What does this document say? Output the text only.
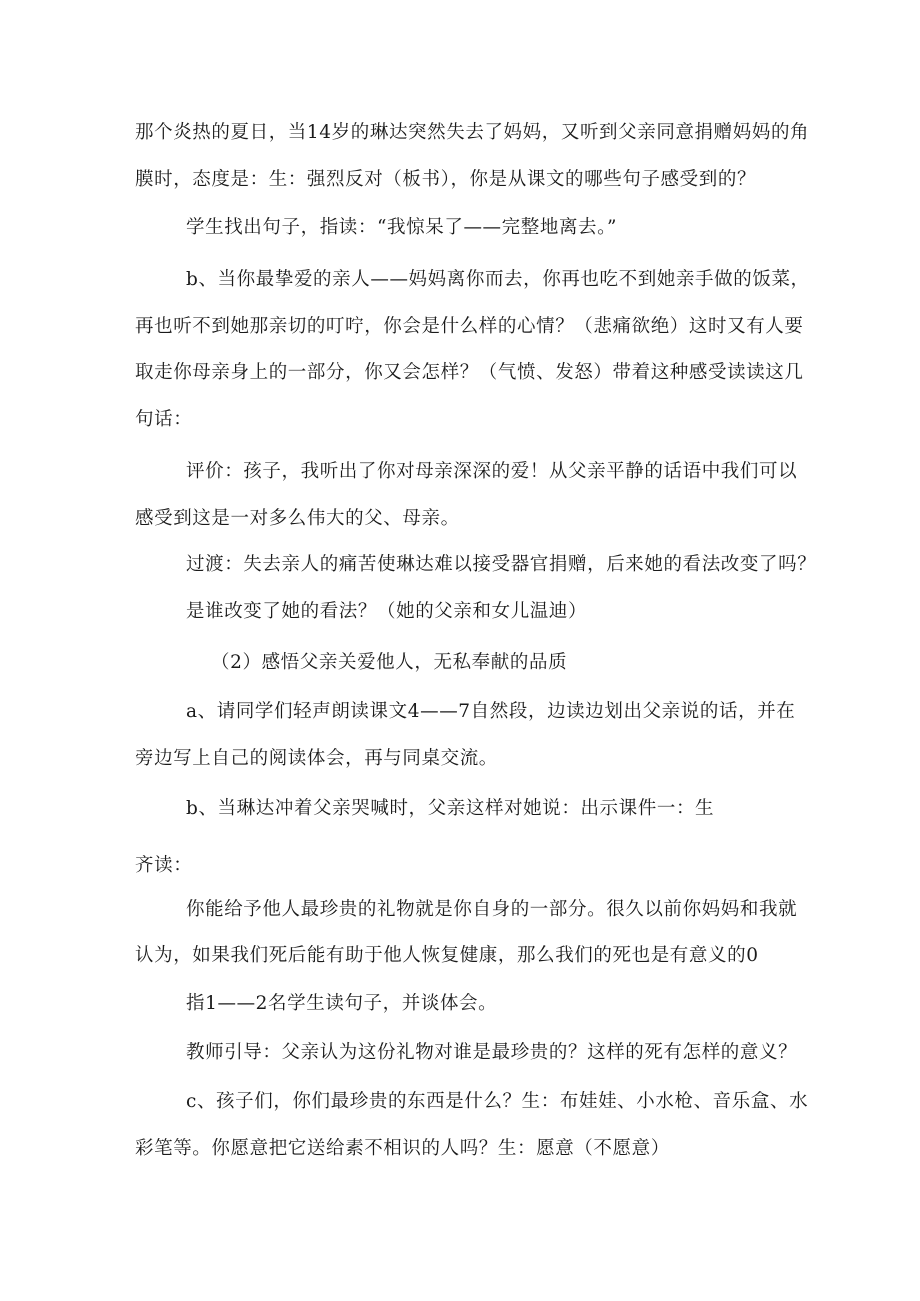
那个炎热的夏日，当14岁的琳达突然失去了妈妈，又听到父亲同意捐赠妈妈的角
膜时，态度是：生：强烈反对（板书），你是从课文的哪些句子感受到的？
学生找出句子，指读：“我惊呆了——完整地离去。”
b、当你最挚爱的亲人——妈妈离你而去，你再也吃不到她亲手做的饭菜，
再也听不到她那亲切的叮咛，你会是什么样的心情？（悲痛欲绝）这时又有人要
取走你母亲身上的一部分，你又会怎样？（气愤、发怒）带着这种感受读读这几
句话：
评价：孩子，我听出了你对母亲深深的爱！从父亲平静的话语中我们可以
感受到这是一对多么伟大的父、母亲。
过渡：失去亲人的痛苦使琳达难以接受器官捐赠，后来她的看法改变了吗？
是谁改变了她的看法？（她的父亲和女儿温迪）
（2）感悟父亲关爱他人，无私奉献的品质
a、请同学们轻声朗读课文4——7自然段，边读边划出父亲说的话，并在
旁边写上自己的阅读体会，再与同桌交流。
b、当琳达冲着父亲哭喊时，父亲这样对她说：出示课件一：生
齐读：
你能给予他人最珍贵的礼物就是你自身的一部分。很久以前你妈妈和我就
认为，如果我们死后能有助于他人恢复健康，那么我们的死也是有意义的0
指1——2名学生读句子，并谈体会。
教师引导：父亲认为这份礼物对谁是最珍贵的？这样的死有怎样的意义？
c、孩子们，你们最珍贵的东西是什么？生：布娃娃、小水枪、音乐盒、水
彩笔等。你愿意把它送给素不相识的人吗？生：愿意（不愿意）
